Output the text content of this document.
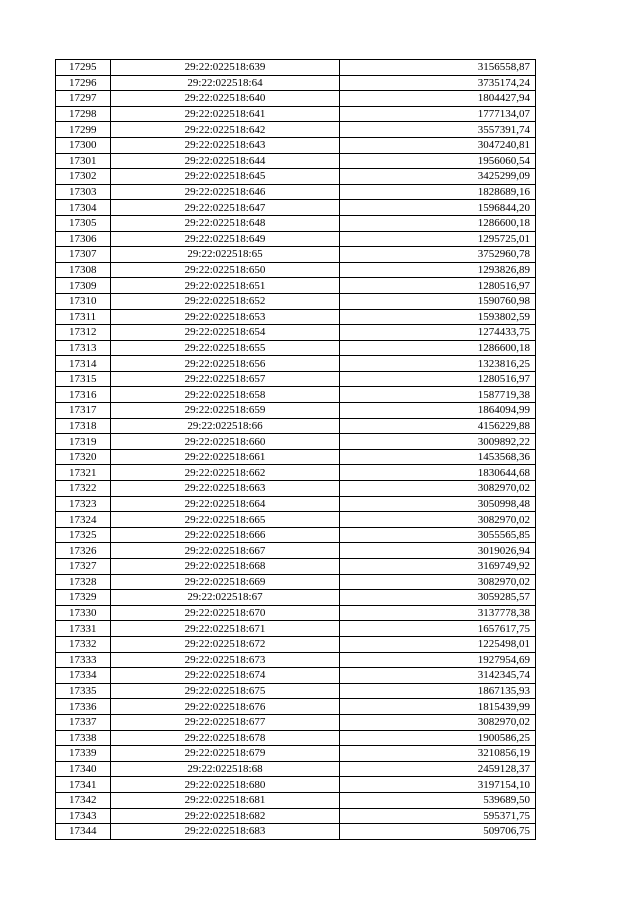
17295	29:22:022518:639	3156558,87
17296	29:22:022518:64	3735174,24
17297	29:22:022518:640	1804427,94
17298	29:22:022518:641	1777134,07
17299	29:22:022518:642	3557391,74
17300	29:22:022518:643	3047240,81
17301	29:22:022518:644	1956060,54
17302	29:22:022518:645	3425299,09
17303	29:22:022518:646	1828689,16
17304	29:22:022518:647	1596844,20
17305	29:22:022518:648	1286600,18
17306	29:22:022518:649	1295725,01
17307	29:22:022518:65	3752960,78
17308	29:22:022518:650	1293826,89
17309	29:22:022518:651	1280516,97
17310	29:22:022518:652	1590760,98
17311	29:22:022518:653	1593802,59
17312	29:22:022518:654	1274433,75
17313	29:22:022518:655	1286600,18
17314	29:22:022518:656	1323816,25
17315	29:22:022518:657	1280516,97
17316	29:22:022518:658	1587719,38
17317	29:22:022518:659	1864094,99
17318	29:22:022518:66	4156229,88
17319	29:22:022518:660	3009892,22
17320	29:22:022518:661	1453568,36
17321	29:22:022518:662	1830644,68
17322	29:22:022518:663	3082970,02
17323	29:22:022518:664	3050998,48
17324	29:22:022518:665	3082970,02
17325	29:22:022518:666	3055565,85
17326	29:22:022518:667	3019026,94
17327	29:22:022518:668	3169749,92
17328	29:22:022518:669	3082970,02
17329	29:22:022518:67	3059285,57
17330	29:22:022518:670	3137778,38
17331	29:22:022518:671	1657617,75
17332	29:22:022518:672	1225498,01
17333	29:22:022518:673	1927954,69
17334	29:22:022518:674	3142345,74
17335	29:22:022518:675	1867135,93
17336	29:22:022518:676	1815439,99
17337	29:22:022518:677	3082970,02
17338	29:22:022518:678	1900586,25
17339	29:22:022518:679	3210856,19
17340	29:22:022518:68	2459128,37
17341	29:22:022518:680	3197154,10
17342	29:22:022518:681	539689,50
17343	29:22:022518:682	595371,75
17344	29:22:022518:683	509706,75
